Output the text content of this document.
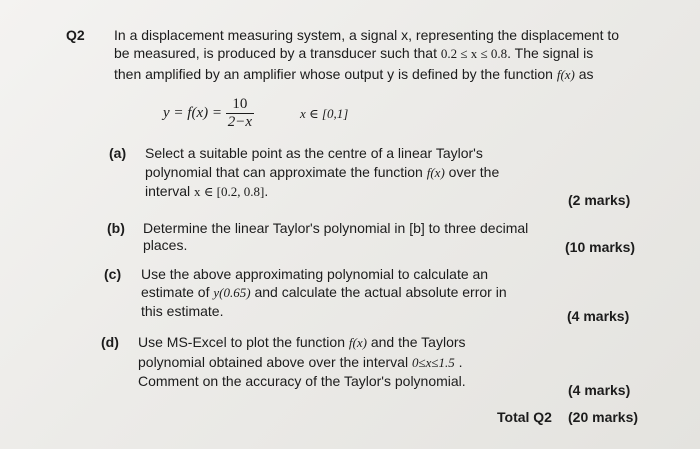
Q2 In a displacement measuring system, a signal x, representing the displacement to
be measured, is produced by a transducer such that 0.2 ≤ x ≤ 0.8. The signal is
then amplified by an amplifier whose output y is defined by the function f(x) as
$y = f(x) = \frac{10}{2-x}$	x ∈ [0,1]
(a) Select a suitable point as the centre of a linear Taylor's
polynomial that can approximate the function f(x) over the
interval x ∈ [0.2, 0.8].
(2 marks)
(b) Determine the linear Taylor's polynomial in [b] to three decimal
places.	(10 marks)
(c) Use the above approximating polynomial to calculate an
estimate of y(0.65) and calculate the actual absolute error in
this estimate.	(4 marks)
(d) Use MS-Excel to plot the function f(x) and the Taylors
polynomial obtained above over the interval 0≤x≤1.5 .
Comment on the accuracy of the Taylor's polynomial.
(4 marks)
Total Q2 (20 marks)
